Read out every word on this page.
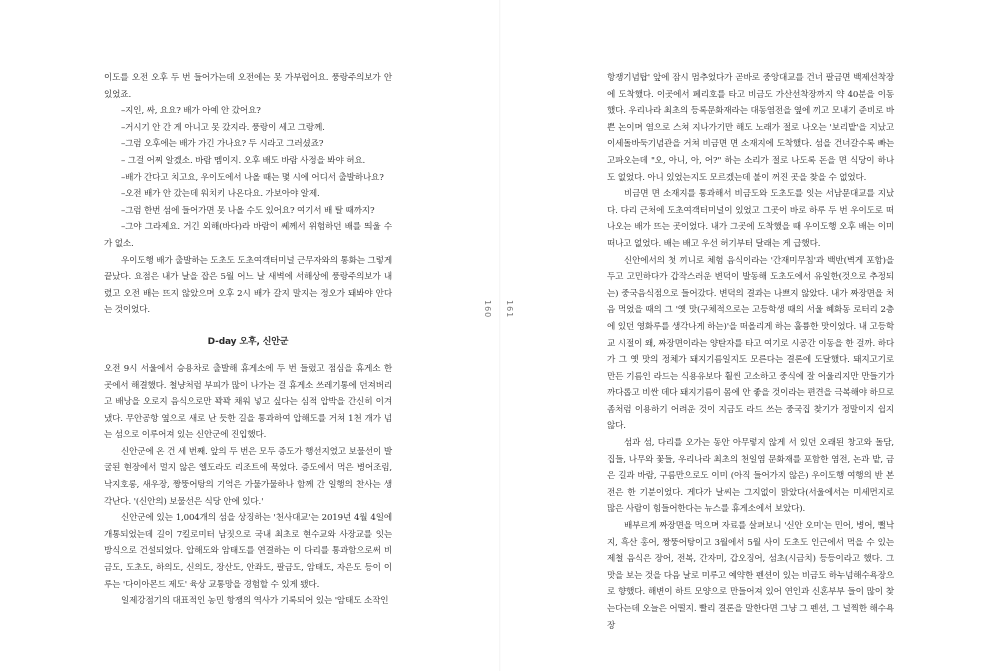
이도를 오전 오후 두 번 들어가는데 오전에는 못 가부럽어요. 풍랑주의보가 안 있었죠.

–지인, 싸, 요요? 배가 아예 안 갔어요?

–거시기 안 간 게 아니고 못 갔지라. 풍랑이 세고 그랑께.

–그럼 오후에는 배가 가긴 가나요? 두 시라고 그러셨죠?

– 그걸 어찌 알겠소. 바람 멤이지. 오후 배도 바람 사정을 봐야 허요.

–배가 간다고 치고요, 우이도에서 나올 때는 몇 시에 어디서 출발하나요?

–오전 배가 안 갔는데 워치키 나온다요. 가보아야 알제.

–그럼 한번 섬에 들어가면 못 나올 수도 있어요? 여기서 배 탈 때까지?

–그야 그라제요. 거긴 외해(바다)라 바람이 쎄께서 위험하던 배를 띄울 수가 없소.

우이도행 배가 출발하는 도초도 도초여객터미널 근무자와의 통화는 그렇게 끝났다. 요점은 내가 날을 잡은 5월 어느 날 새벽에 서해상에 풍랑주의보가 내렸고 오전 배는 뜨지 않았으며 오후 2시 배가 갈지 말지는 정오가 돼봐야 안다는 것이었다.

D-day 오후, 신안군

오전 9시 서울에서 승용차로 출발해 휴게소에 두 번 들렀고 점심을 휴게소 한 곳에서 해결했다. 철냥처럼 부피가 많이 나가는 걸 휴게소 쓰레기통에 던져버리고 배낭을 오로지 음식으로만 꽉꽉 채워 넣고 싶다는 심적 압박을 간신히 이겨냈다. 무안공항 옆으로 새로 난 듯한 길을 통과하여 압해도를 거쳐 1천 개가 넘는 섬으로 이루어져 있는 신안군에 진입했다.

신안군에 온 건 세 번째. 앞의 두 번은 모두 증도가 행선지였고 보물선이 발굴된 현장에서 멀지 않은 엘도라도 리조트에 묵었다. 증도에서 먹은 병어조림, 낙지호롱, 새우장, 짱뚱어탕의 기억은 가물가물하나 함께 간 일행의 찬사는 생각난다. '(신안의) 보물선은 식당 안에 있다.'

신안군에 있는 1,004개의 섬을 상징하는 '천사대교'는 2019년 4월 4일에 개통되었는데 길이 7킬로미터 남짓으로 국내 최초로 현수교와 사장교를 잇는 방식으로 건설되었다. 압해도와 암태도를 연결하는 이 다리를 통과함으로써 비금도, 도초도, 하의도, 신의도, 장산도, 안좌도, 팔금도, 암태도, 자은도 등이 이루는 '다이아몬드 제도' 육상 교통망을 경험할 수 있게 됐다.

일제강점기의 대표적인 농민 항쟁의 역사가 기록되어 있는 '암태도 소작인

160

항쟁기념탑' 앞에 잠시 멈추었다가 곧바로 중앙대교를 건너 팔금면 백제선착장에 도착했다. 이곳에서 페리호를 타고 비금도 가산선착장까지 약 40분을 이동했다. 우리나라 최초의 등록문화재라는 대동염전을 옆에 끼고 모내기 준비로 바쁜 논이며 염으로 스쳐 지나가기만 해도 노래가 절로 나오는 '보리밭'을 지났고 이세돌바둑기념관을 거쳐 비금면 면 소재지에 도착했다. 섬을 건너갈수록 빠는 고파오는데 "오, 아니, 아, 어?" 하는 소리가 절로 나도록 돈을 면 식당이 하나도 없었다. 아니 있었는지도 모르겠는데 불이 꺼진 곳을 찾을 수 없었다.

비금면 면 소재지를 통과해서 비금도와 도초도를 잇는 서남문대교를 지났다. 다리 근처에 도초여객터미널이 있었고 그곳이 바로 하루 두 번 우이도로 떠나오는 배가 뜨는 곳이었다. 내가 그곳에 도착했을 때 우이도행 오후 배는 이미 떠나고 없었다. 배는 배고 우선 허기부터 달래는 게 급했다.

신안에서의 첫 끼니로 체험 음식이라는 '간재미무침'과 백반(벽게 포함)을 두고 고민하다가 갑작스러운 변덕이 발동해 도초도에서 유일한(것으로 추정되는) 중국음식점으로 들어갔다. 변덕의 결과는 나쁘지 않았다. 내가 짜장면을 처음 먹었을 때의 그 '옛 맛(구체적으로는 고등학생 때의 서울 혜화동 로터리 2층에 있던 영화루를 생각나게 하는)'을 떠올리게 하는 훌륭한 맛이었다. 내 고등학교 시절이 왜, 짜장면이라는 양탄자를 타고 여기로 시공간 이동을 한 걸까. 하다가 그 옛 맛의 정체가 돼지기름일지도 모른다는 결론에 도달했다. 돼지고기로 만든 기름인 라드는 식용유보다 훨씬 고소하고 중식에 잘 어울리지만 만들기가 까다롭고 비싼 데다 돼지기름이 몸에 안 좋을 것이라는 편견을 극복해야 하므로 좀처럼 이용하기 어려운 것이 지금도 라드 쓰는 중국집 찾기가 정말이지 쉽지 않다.

섬과 섬, 다리를 오가는 동안 아무렇지 않게 서 있던 오래된 창고와 돌담, 집들, 나무와 꽃들, 우리나라 최초의 천일염 문화재를 포함한 염전, 논과 밭, 금은 길과 바람, 구름만으로도 이미 (아직 들어가지 않은) 우이도행 여행의 반 본전은 한 기분이었다. 게다가 날씨는 그지없이 맑았다(서울에서는 미세먼지로 많은 사람이 힘들어한다는 뉴스를 휴게소에서 보았다).

배부르게 짜장면을 먹으며 자료를 살펴보니 '신안 오미'는 민어, 병어, 뻘낙지, 흑산 홍어, 짱뚱어탕이고 3월에서 5월 사이 도초도 인근에서 먹을 수 있는 제철 음식은 장어, 전복, 간자미, 갑오징어, 섬초(시금치) 등등이라고 했다. 그 맛을 보는 것을 다음 날로 미루고 예약한 펜션이 있는 비금도 하누넘해수욕장으로 향했다. 해변이 하트 모양으로 만들어져 있어 연인과 신혼부부 들이 많이 찾는다는데 오늘은 어떨지. 빨리 결론을 말한다면 그냥 그 펜션, 그 널찍한 해수욕장

161
